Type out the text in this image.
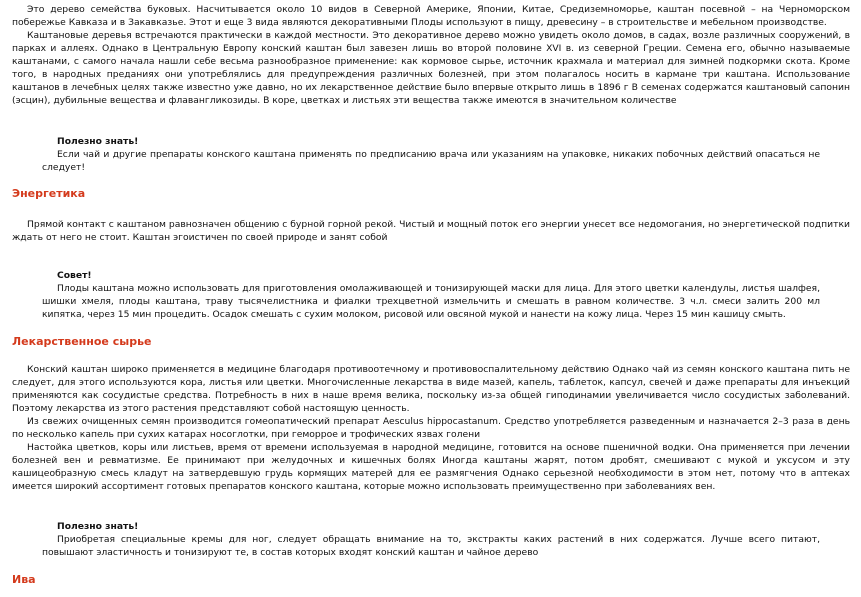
Это дерево семейства буковых. Насчитывается около 10 видов в Северной Америке, Японии, Китае, Средиземноморье, каштан посевной – на Черноморском побережье Кавказа и в Закавказье. Этот и еще 3 вида являются декоративными Плоды используют в пищу, древесину – в строительстве и мебельном производстве.

Каштановые деревья встречаются практически в каждой местности. Это декоративное дерево можно увидеть около домов, в садах, возле различных сооружений, в парках и аллеях. Однако в Центральную Европу конский каштан был завезен лишь во второй половине XVI в. из северной Греции. Семена его, обычно называемые каштанами, с самого начала нашли себе весьма разнообразное применение: как кормовое сырье, источник крахмала и материал для зимней подкормки скота. Кроме того, в народных преданиях они употреблялись для предупреждения различных болезней, при этом полагалось носить в кармане три каштана. Использование каштанов в лечебных целях также известно уже давно, но их лекарственное действие было впервые открыто лишь в 1896 г В семенах содержатся каштановый сапонин (эсцин), дубильные вещества и флавангликозиды. В коре, цветках и листьях эти вещества также имеются в значительном количестве

Полезно знать!

Если чай и другие препараты конского каштана применять по предписанию врача или указаниям на упаковке, никаких побочных действий опасаться не следует!

Энергетика

Прямой контакт с каштаном равнозначен общению с бурной горной рекой. Чистый и мощный поток его энергии унесет все недомогания, но энергетической подпитки ждать от него не стоит. Каштан эгоистичен по своей природе и занят собой

Совет!

Плоды каштана можно использовать для приготовления омолаживающей и тонизирующей маски для лица. Для этого цветки календулы, листья шалфея, шишки хмеля, плоды каштана, траву тысячелистника и фиалки трехцветной измельчить и смешать в равном количестве. 3 ч.л. смеси залить 200 мл кипятка, через 15 мин процедить. Осадок смешать с сухим молоком, рисовой или овсяной мукой и нанести на кожу лица. Через 15 мин кашицу смыть.

Лекарственное сырье

Конский каштан широко применяется в медицине благодаря противоотечному и противовоспалительному действию Однако чай из семян конского каштана пить не следует, для этого используются кора, листья или цветки. Многочисленные лекарства в виде мазей, капель, таблеток, капсул, свечей и даже препараты для инъекций применяются как сосудистые средства. Потребность в них в наше время велика, поскольку из-за общей гиподинамии увеличивается число сосудистых заболеваний. Поэтому лекарства из этого растения представляют собой настоящую ценность.

Из свежих очищенных семян производится гомеопатический препарат Aesculus hippocastanum. Средство употребляется разведенным и назначается 2–3 раза в день по несколько капель при сухих катарах носоглотки, при геморрое и трофических язвах голени

Настойка цветков, коры или листьев, время от времени используемая в народной медицине, готовится на основе пшеничной водки. Она применяется при лечении болезней вен и ревматизме. Ее принимают при желудочных и кишечных болях Иногда каштаны жарят, потом дробят, смешивают с мукой и уксусом и эту кашицеобразную смесь кладут на затвердевшую грудь кормящих матерей для ее размягчения Однако серьезной необходимости в этом нет, потому что в аптеках имеется широкий ассортимент готовых препаратов конского каштана, которые можно использовать преимущественно при заболеваниях вен.

Полезно знать!

Приобретая специальные кремы для ног, следует обращать внимание на то, экстракты каких растений в них содержатся. Лучше всего питают, повышают эластичность и тонизируют те, в состав которых входят конский каштан и чайное дерево

Ива
